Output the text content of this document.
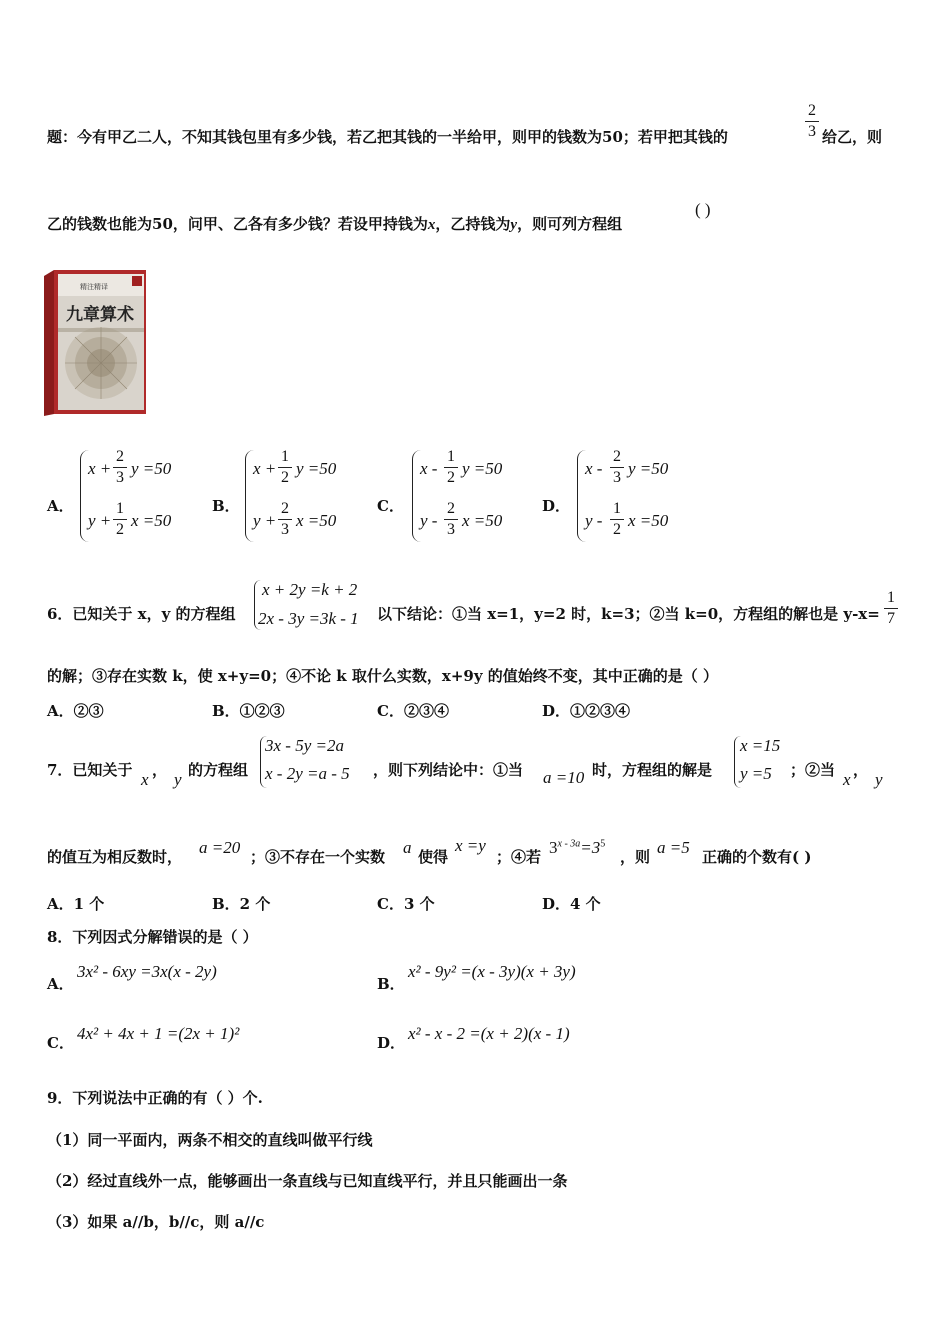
题：今有甲乙二人，不知其钱包里有多少钱，若乙把其钱的一半给甲，则甲的钱数为50；若甲把其钱的
2
3 给乙，则
乙的钱数也能为50，问甲、乙各有多少钱？若设甲持钱为x，乙持钱为y，则可列方程组
( )
九章算术
精注精译
A．
x +
2
3 y =50
y +
1
2 x =50
B．
x +
1
2 y =50
y +
2
3 x =50
C．
x -
1
2 y =50
y -
2
3 x =50
D．
x -
2
3 y =50
y -
1
2 x =50
6．已知关于 x，y 的方程组
x + 2y =k + 2
2x - 3y =3k - 1 以下结论：①当 x=1，y=2 时，k=3；②当 k=0，方程组的解也是 y-x=
1
7
的解；③存在实数 k，使 x+y=0；④不论 k 取什么实数，x+9y 的值始终不变，其中正确的是（ ）
A．②③	B．①②③	C．②③④	D．①②③④
7．已知关于 x ， y 的方程组
3x - 5y =2a
x - 2y =a - 5 ，则下列结论中：①当 a =10 时，方程组的解是
x =15
y =5 ；②当 x ， y
的值互为相反数时， a =20 ；③不存在一个实数 a 使得
x =y
；④若 $3^{x - 3a}=3^5$
，则 a =5 正确的个数有( )
A．1 个	B．2 个	C．3 个	D．4 个
8．下列因式分解错误的是（ ）
A．
3x² - 6xy =3x(x - 2y)
B．
x² - 9y² =(x - 3y)(x + 3y)
C． 4x² + 4x + 1 =(2x + 1)²	D． x² - x - 2 =(x + 2)(x - 1)
9．下列说法中正确的有（ ）个.
（1）同一平面内，两条不相交的直线叫做平行线
（2）经过直线外一点，能够画出一条直线与已知直线平行，并且只能画出一条
（3）如果 a//b，b//c，则 a//c
